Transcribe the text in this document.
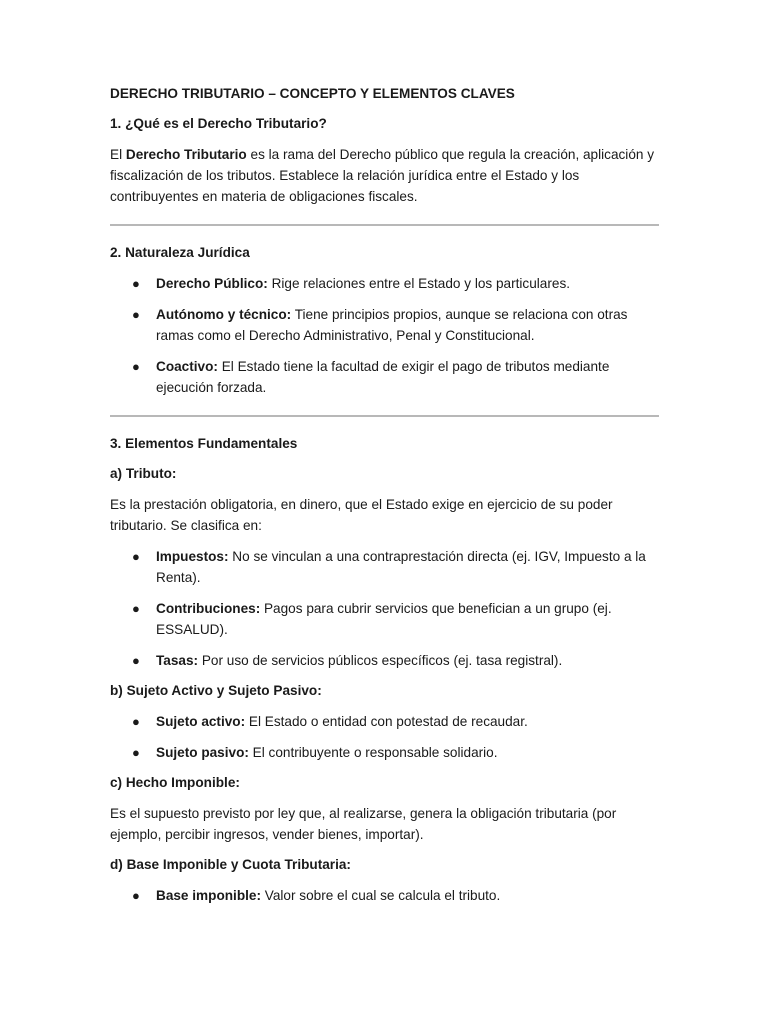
DERECHO TRIBUTARIO – CONCEPTO Y ELEMENTOS CLAVES
1. ¿Qué es el Derecho Tributario?
El Derecho Tributario es la rama del Derecho público que regula la creación, aplicación y fiscalización de los tributos. Establece la relación jurídica entre el Estado y los contribuyentes en materia de obligaciones fiscales.
2. Naturaleza Jurídica
● Derecho Público: Rige relaciones entre el Estado y los particulares.
● Autónomo y técnico: Tiene principios propios, aunque se relaciona con otras ramas como el Derecho Administrativo, Penal y Constitucional.
● Coactivo: El Estado tiene la facultad de exigir el pago de tributos mediante ejecución forzada.
3. Elementos Fundamentales
a) Tributo:
Es la prestación obligatoria, en dinero, que el Estado exige en ejercicio de su poder tributario. Se clasifica en:
● Impuestos: No se vinculan a una contraprestación directa (ej. IGV, Impuesto a la Renta).
● Contribuciones: Pagos para cubrir servicios que benefician a un grupo (ej. ESSALUD).
● Tasas: Por uso de servicios públicos específicos (ej. tasa registral).
b) Sujeto Activo y Sujeto Pasivo:
● Sujeto activo: El Estado o entidad con potestad de recaudar.
● Sujeto pasivo: El contribuyente o responsable solidario.
c) Hecho Imponible:
Es el supuesto previsto por ley que, al realizarse, genera la obligación tributaria (por ejemplo, percibir ingresos, vender bienes, importar).
d) Base Imponible y Cuota Tributaria:
● Base imponible: Valor sobre el cual se calcula el tributo.
